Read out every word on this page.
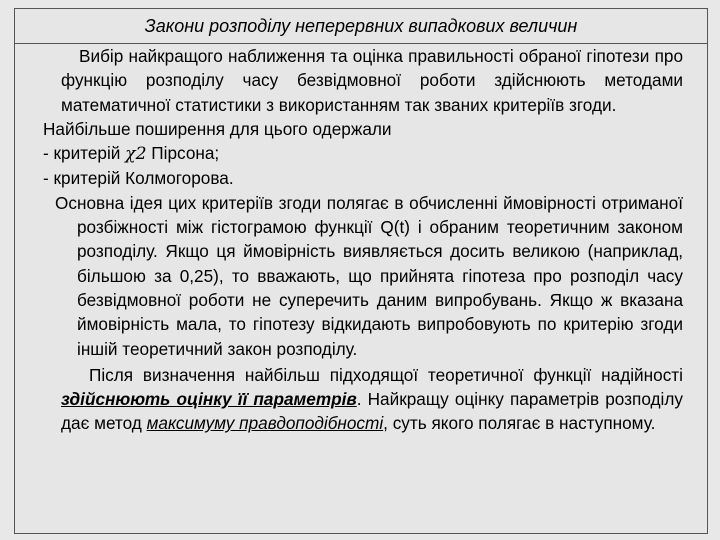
Закони розподілу неперервних випадкових величин
Вибір найкращого наближення та оцінка правильності обраної гіпотези про функцію розподілу часу безвідмовної роботи здійснюють методами математичної статистики з використанням так званих критеріїв згоди.
Найбільше поширення для цього одержали
- критерій χ2 Пірсона;
- критерій Колмогорова.
Основна ідея цих критеріїв згоди полягає в обчисленні ймовірності отриманої розбіжності між гістограмою функції Q(t) і обраним теоретичним законом розподілу. Якщо ця ймовірність виявляється досить великою (наприклад, більшою за 0,25), то вважають, що прийнята гіпотеза про розподіл часу безвідмовної роботи не суперечить даним випробувань. Якщо ж вказана ймовірність мала, то гіпотезу відкидають випробовують по критерію згоди іншій теоретичний закон розподілу.
Після визначення найбільш підходящої теоретичної функції надійності здійснюють оцінку її параметрів. Найкращу оцінку параметрів розподілу дає метод максимуму правдоподібності, суть якого полягає в наступному.
